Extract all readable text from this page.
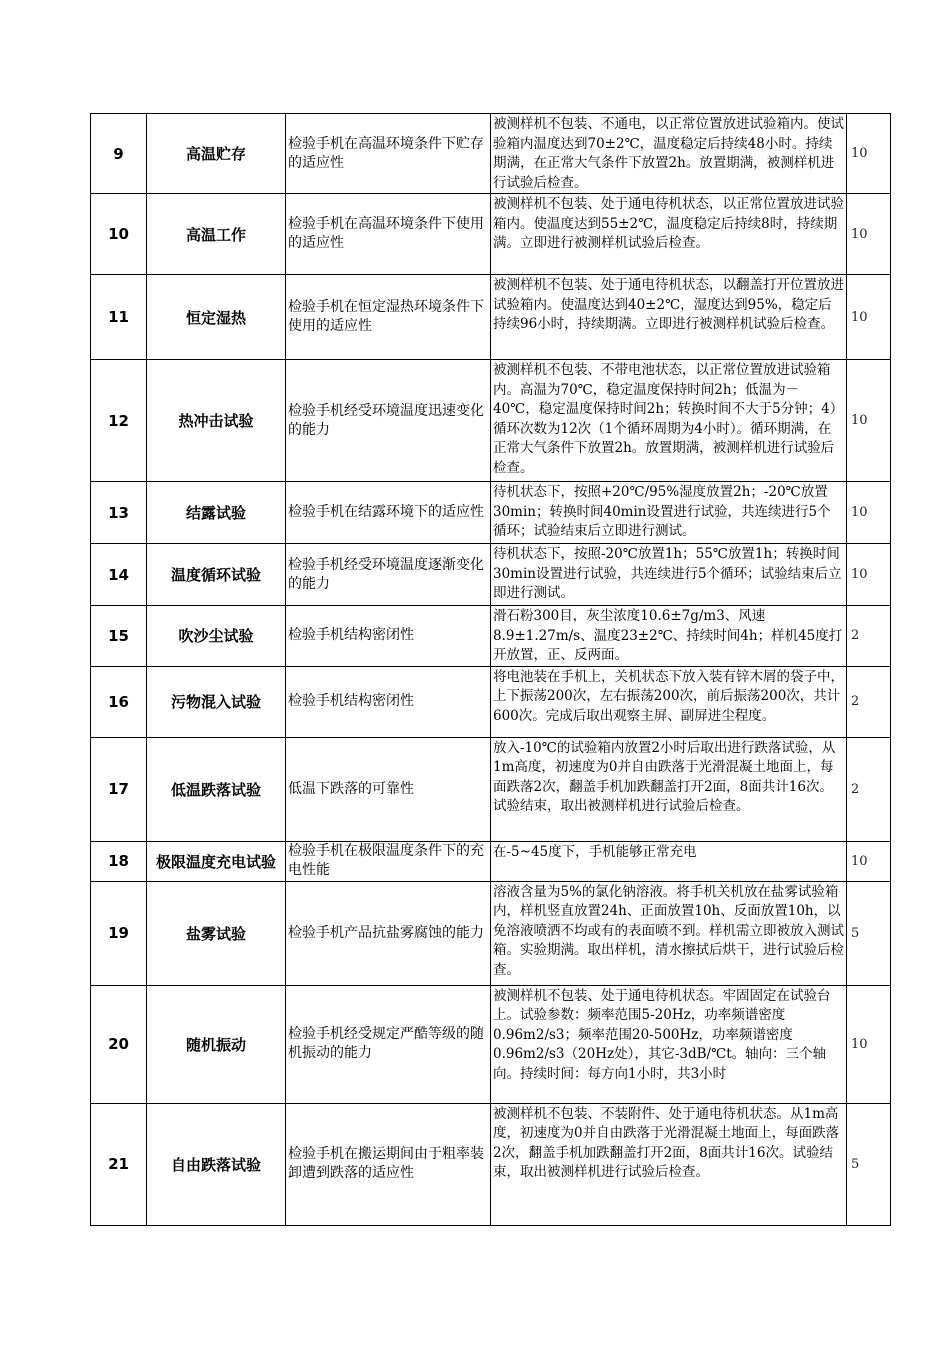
9	高温贮存	检验手机在高温环境条件下贮存的适应性	被测样机不包装、不通电，以正常位置放进试验箱内。使试验箱内温度达到70±2℃，温度稳定后持续48小时。持续期满，在正常大气条件下放置2h。放置期满，被测样机进行试验后检查。	10
10	高温工作	检验手机在高温环境条件下使用的适应性	被测样机不包装、处于通电待机状态，以正常位置放进试验箱内。使温度达到55±2℃，温度稳定后持续8时，持续期满。立即进行被测样机试验后检查。	10
11	恒定湿热	检验手机在恒定湿热环境条件下使用的适应性	被测样机不包装、处于通电待机状态，以翻盖打开位置放进试验箱内。使温度达到40±2℃，湿度达到95%，稳定后持续96小时，持续期满。立即进行被测样机试验后检查。	10
12	热冲击试验	检验手机经受环境温度迅速变化的能力	被测样机不包装、不带电池状态，以正常位置放进试验箱内。高温为70℃，稳定温度保持时间2h；低温为－40℃，稳定温度保持时间2h；转换时间不大于5分钟；4）循环次数为12次（1个循环周期为4小时）。循环期满，在正常大气条件下放置2h。放置期满，被测样机进行试验后检查。	10
13	结露试验	检验手机在结露环境下的适应性	待机状态下，按照+20℃/95%湿度放置2h；-20℃放置30min；转换时间40min设置进行试验，共连续进行5个循环；试验结束后立即进行测试。	10
14	温度循环试验	检验手机经受环境温度逐渐变化的能力	待机状态下，按照-20℃放置1h；55℃放置1h；转换时间30min设置进行试验，共连续进行5个循环；试验结束后立即进行测试。	10
15	吹沙尘试验	检验手机结构密闭性	滑石粉300目，灰尘浓度10.6±7g/m3、风速8.9±1.27m/s、温度23±2℃、持续时间4h；样机45度打开放置，正、反两面。	2
16	污物混入试验	检验手机结构密闭性	将电池装在手机上，关机状态下放入装有锌木屑的袋子中，上下振荡200次，左右振荡200次，前后振荡200次，共计600次。完成后取出观察主屏、副屏进尘程度。	2
17	低温跌落试验	低温下跌落的可靠性	放入-10℃的试验箱内放置2小时后取出进行跌落试验，从1m高度，初速度为0并自由跌落于光滑混凝土地面上，每面跌落2次，翻盖手机加跌翻盖打开2面，8面共计16次。试验结束，取出被测样机进行试验后检查。	2
18	极限温度充电试验	检验手机在极限温度条件下的充电性能	在-5~45度下，手机能够正常充电	10
19	盐雾试验	检验手机产品抗盐雾腐蚀的能力	溶液含量为5%的氯化钠溶液。将手机关机放在盐雾试验箱内，样机竖直放置24h、正面放置10h、反面放置10h，以免溶液喷洒不均或有的表面喷不到。样机需立即被放入测试箱。实验期满。取出样机，清水擦拭后烘干，进行试验后检查。	5
20	随机振动	检验手机经受规定严酷等级的随机振动的能力	被测样机不包装、处于通电待机状态。牢固固定在试验台上。试验参数：频率范围5-20Hz，功率频谱密度0.96m2/s3；频率范围20-500Hz，功率频谱密度0.96m2/s3（20Hz处），其它-3dB/℃t。轴向：三个轴向。持续时间：每方向1小时，共3小时	10
21	自由跌落试验	检验手机在搬运期间由于粗率装卸遭到跌落的适应性	被测样机不包装、不装附件、处于通电待机状态。从1m高度，初速度为0并自由跌落于光滑混凝土地面上，每面跌落2次，翻盖手机加跌翻盖打开2面，8面共计16次。试验结束，取出被测样机进行试验后检查。	5
